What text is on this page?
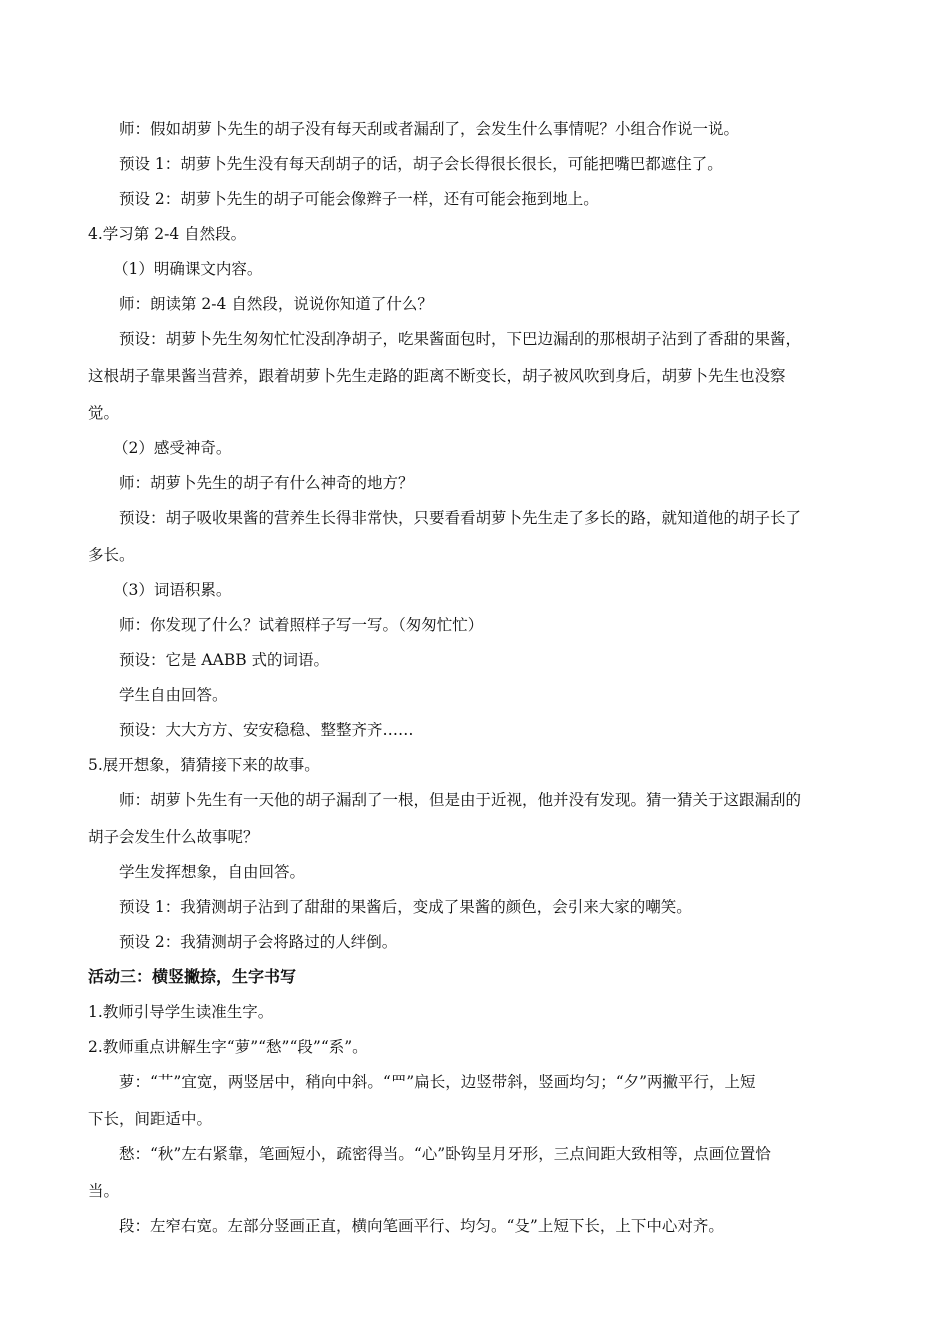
师：假如胡萝卜先生的胡子没有每天刮或者漏刮了，会发生什么事情呢？小组合作说一说。
预设 1：胡萝卜先生没有每天刮胡子的话，胡子会长得很长很长，可能把嘴巴都遮住了。
预设 2：胡萝卜先生的胡子可能会像辫子一样，还有可能会拖到地上。
4.学习第 2-4 自然段。
（1）明确课文内容。
师：朗读第 2-4 自然段，说说你知道了什么？
预设：胡萝卜先生匆匆忙忙没刮净胡子，吃果酱面包时，下巴边漏刮的那根胡子沾到了香甜的果酱，
这根胡子靠果酱当营养，跟着胡萝卜先生走路的距离不断变长，胡子被风吹到身后，胡萝卜先生也没察
觉。
（2）感受神奇。
师：胡萝卜先生的胡子有什么神奇的地方？
预设：胡子吸收果酱的营养生长得非常快，只要看看胡萝卜先生走了多长的路，就知道他的胡子长了
多长。
（3）词语积累。
师：你发现了什么？试着照样子写一写。（匆匆忙忙）
预设：它是 AABB 式的词语。
学生自由回答。
预设：大大方方、安安稳稳、整整齐齐……
5.展开想象，猜猜接下来的故事。
师：胡萝卜先生有一天他的胡子漏刮了一根，但是由于近视，他并没有发现。猜一猜关于这跟漏刮的
胡子会发生什么故事呢？
学生发挥想象，自由回答。
预设 1：我猜测胡子沾到了甜甜的果酱后，变成了果酱的颜色，会引来大家的嘲笑。
预设 2：我猜测胡子会将路过的人绊倒。
活动三：横竖撇捺，生字书写
1.教师引导学生读准生字。
2.教师重点讲解生字“萝”“愁”“段”“系”。
萝：“艹”宜宽，两竖居中，稍向中斜。“罒”扁长，边竖带斜，竖画均匀；“夕”两撇平行，上短
下长，间距适中。
愁：“秋”左右紧靠，笔画短小，疏密得当。“心”卧钩呈月牙形，三点间距大致相等，点画位置恰
当。
段：左窄右宽。左部分竖画正直，横向笔画平行、均匀。“殳”上短下长，上下中心对齐。
